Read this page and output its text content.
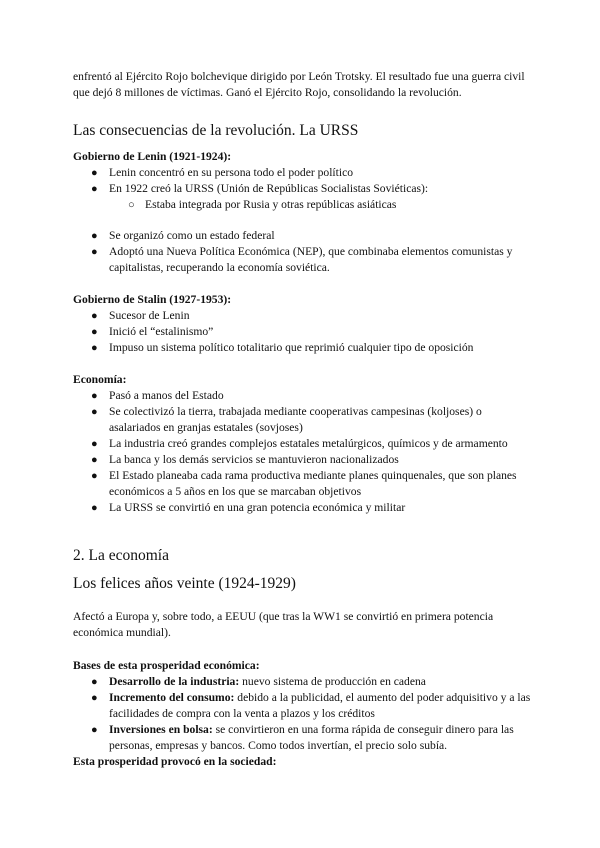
enfrentó al Ejército Rojo bolchevique dirigido por León Trotsky. El resultado fue una guerra civil que dejó 8 millones de víctimas. Ganó el Ejército Rojo, consolidando la revolución.

Las consecuencias de la revolución. La URSS
Gobierno de Lenin (1921-1924):
● Lenin concentró en su persona todo el poder político
● En 1922 creó la URSS (Unión de Repúblicas Socialistas Soviéticas):
○ Estaba integrada por Rusia y otras repúblicas asiáticas
● Se organizó como un estado federal
● Adoptó una Nueva Política Económica (NEP), que combinaba elementos comunistas y capitalistas, recuperando la economía soviética.
Gobierno de Stalin (1927-1953):
● Sucesor de Lenin
● Inició el “estalinismo”
● Impuso un sistema político totalitario que reprimió cualquier tipo de oposición
Economía:
● Pasó a manos del Estado
● Se colectivizó la tierra, trabajada mediante cooperativas campesinas (koljoses) o asalariados en granjas estatales (sovjoses)
● La industria creó grandes complejos estatales metalúrgicos, químicos y de armamento
● La banca y los demás servicios se mantuvieron nacionalizados
● El Estado planeaba cada rama productiva mediante planes quinquenales, que son planes económicos a 5 años en los que se marcaban objetivos
● La URSS se convirtió en una gran potencia económica y militar
2. La economía
Los felices años veinte (1924-1929)

Afectó a Europa y, sobre todo, a EEUU (que tras la WW1 se convirtió en primera potencia económica mundial).

Bases de esta prosperidad económica:
● Desarrollo de la industria: nuevo sistema de producción en cadena
● Incremento del consumo: debido a la publicidad, el aumento del poder adquisitivo y a las facilidades de compra con la venta a plazos y los créditos
● Inversiones en bolsa: se convirtieron en una forma rápida de conseguir dinero para las personas, empresas y bancos. Como todos invertían, el precio solo subía.
Esta prosperidad provocó en la sociedad:
